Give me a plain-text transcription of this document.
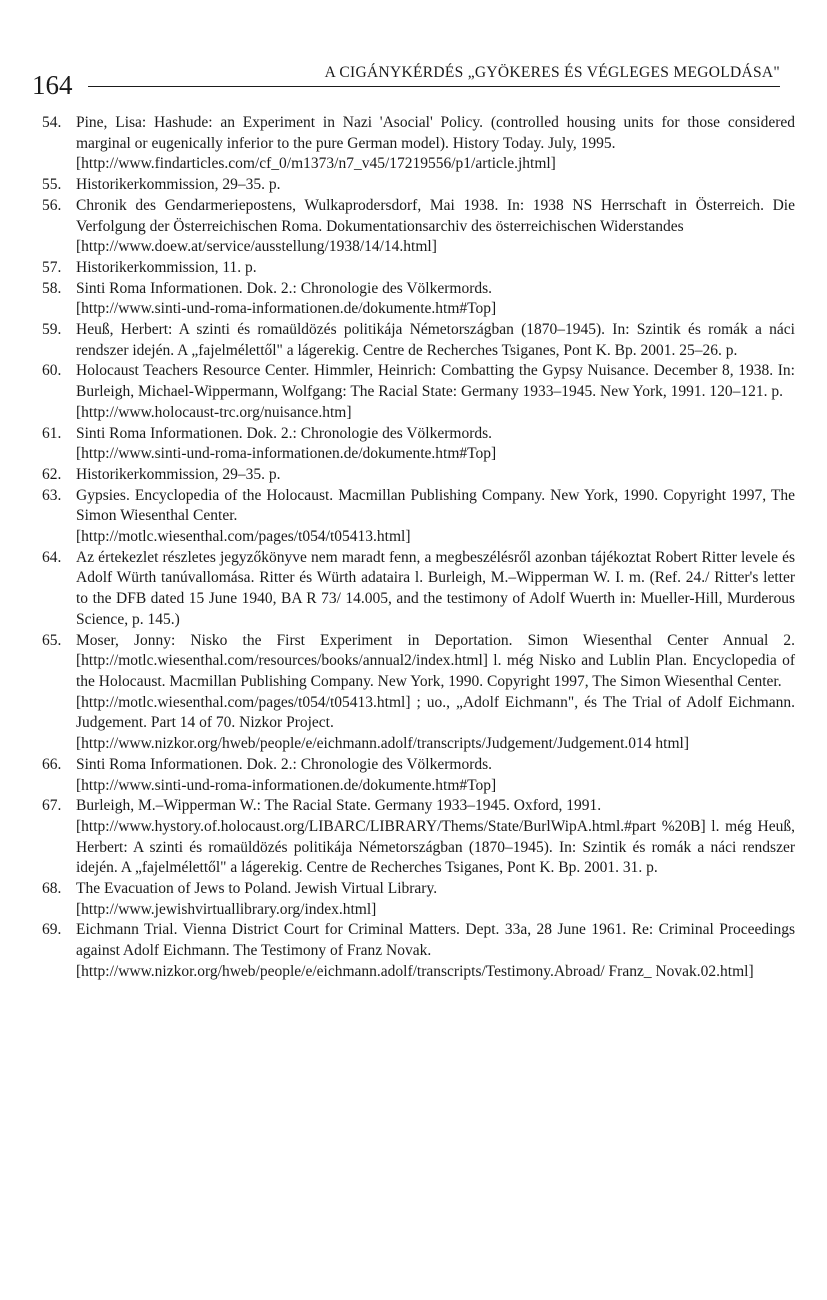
164	A CIGÁNYKÉRDÉS „GYÖKERES ÉS VÉGLEGES MEGOLDÁSA"
54. Pine, Lisa: Hashude: an Experiment in Nazi 'Asocial' Policy. (controlled housing units for those considered marginal or eugenically inferior to the pure German model). History Today. July, 1995.
[http://www.findarticles.com/cf_0/m1373/n7_v45/17219556/p1/article.jhtml]
55. Historikerkommission, 29–35. p.
56. Chronik des Gendarmeriepostens, Wulkaprodersdorf, Mai 1938. In: 1938 NS Herrschaft in Österreich. Die Verfolgung der Österreichischen Roma. Dokumentationsarchiv des österreichischen Widerstandes
[http://www.doew.at/service/ausstellung/1938/14/14.html]
57. Historikerkommission, 11. p.
58. Sinti Roma Informationen. Dok. 2.: Chronologie des Völkermords.
[http://www.sinti-und-roma-informationen.de/dokumente.htm#Top]
59. Heuß, Herbert: A szinti és romaüldözés politikája Németországban (1870–1945). In: Szintik és romák a náci rendszer idején. A „fajelmélettől" a lágerekig. Centre de Recherches Tsiganes, Pont K. Bp. 2001. 25–26. p.
60. Holocaust Teachers Resource Center. Himmler, Heinrich: Combatting the Gypsy Nuisance. December 8, 1938. In: Burleigh, Michael-Wippermann, Wolfgang: The Racial State: Germany 1933–1945. New York, 1991. 120–121. p.
[http://www.holocaust-trc.org/nuisance.htm]
61. Sinti Roma Informationen. Dok. 2.: Chronologie des Völkermords.
[http://www.sinti-und-roma-informationen.de/dokumente.htm#Top]
62. Historikerkommission, 29–35. p.
63. Gypsies. Encyclopedia of the Holocaust. Macmillan Publishing Company. New York, 1990. Copyright 1997, The Simon Wiesenthal Center.
[http://motlc.wiesenthal.com/pages/t054/t05413.html]
64. Az értekezlet részletes jegyzőkönyve nem maradt fenn, a megbeszélésről azonban tájékoztat Robert Ritter levele és Adolf Würth tanúvallomása. Ritter és Würth adataira l. Burleigh, M.–Wipperman W. I. m. (Ref. 24./ Ritter's letter to the DFB dated 15 June 1940, BA R 73/ 14.005, and the testimony of Adolf Wuerth in: Mueller-Hill, Murderous Science, p. 145.)
65. Moser, Jonny: Nisko the First Experiment in Deportation. Simon Wiesenthal Center Annual 2. [http://motlc.wiesenthal.com/resources/books/annual2/index.html] l. még Nisko and Lublin Plan. Encyclopedia of the Holocaust. Macmillan Publishing Company. New York, 1990. Copyright 1997, The Simon Wiesenthal Center.
[http://motlc.wiesenthal.com/pages/t054/t05413.html] ; uo., „Adolf Eichmann", és The Trial of Adolf Eichmann. Judgement. Part 14 of 70. Nizkor Project.
[http://www.nizkor.org/hweb/people/e/eichmann.adolf/transcripts/Judgement/Judgement.014 html]
66. Sinti Roma Informationen. Dok. 2.: Chronologie des Völkermords.
[http://www.sinti-und-roma-informationen.de/dokumente.htm#Top]
67. Burleigh, M.–Wipperman W.: The Racial State. Germany 1933–1945. Oxford, 1991.
[http://www.hystory.of.holocaust.org/LIBARC/LIBRARY/Thems/State/BurlWipA.html.#part %20B] l. még Heuß, Herbert: A szinti és romaüldözés politikája Németországban (1870–1945). In: Szintik és romák a náci rendszer idején. A „fajelmélettől" a lágerekig. Centre de Recherches Tsiganes, Pont K. Bp. 2001. 31. p.
68. The Evacuation of Jews to Poland. Jewish Virtual Library.
[http://www.jewishvirtuallibrary.org/index.html]
69. Eichmann Trial. Vienna District Court for Criminal Matters. Dept. 33a, 28 June 1961. Re: Criminal Proceedings against Adolf Eichmann. The Testimony of Franz Novak.
[http://www.nizkor.org/hweb/people/e/eichmann.adolf/transcripts/Testimony.Abroad/ Franz_ Novak.02.html]
